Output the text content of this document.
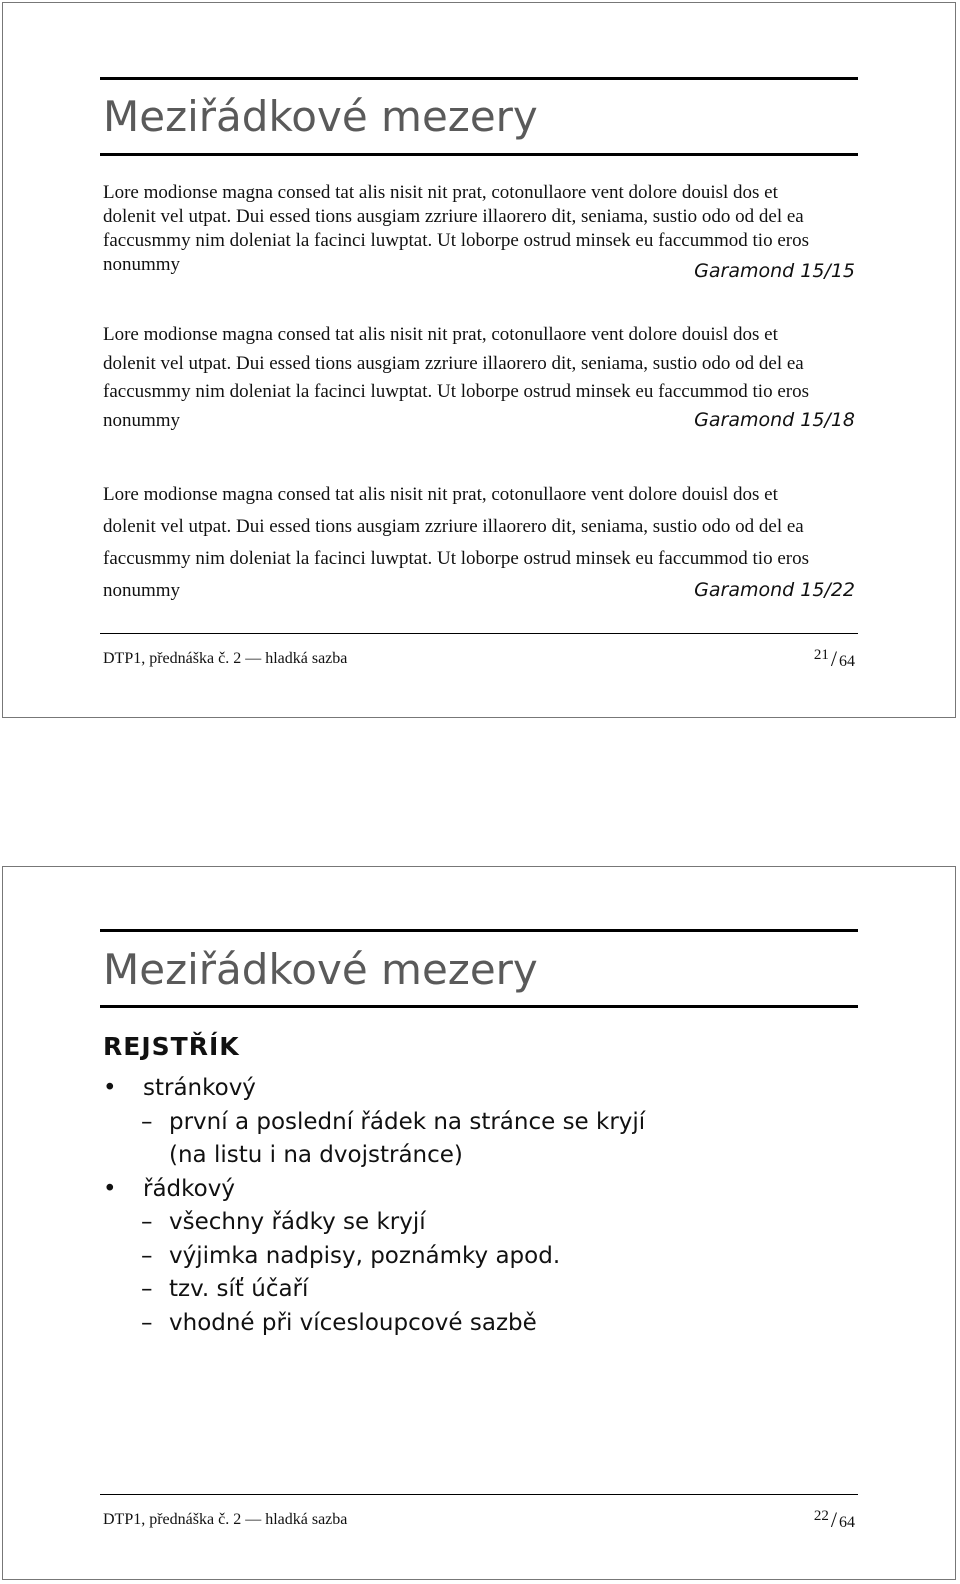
Meziřádkové mezery

Lore modionse magna consed tat alis nisit nit prat, cotonullaore vent dolore douisl dos et

dolenit vel utpat. Dui essed tions ausgiam zzriure illaorero dit, seniama, sustio odo od del ea

faccusmmy nim doleniat la facinci luwptat. Ut loborpe ostrud minsek eu faccummod tio eros

nonummy	Garamond 15/15

Lore modionse magna consed tat alis nisit nit prat, cotonullaore vent dolore douisl dos et

dolenit vel utpat. Dui essed tions ausgiam zzriure illaorero dit, seniama, sustio odo od del ea

faccusmmy nim doleniat la facinci luwptat. Ut loborpe ostrud minsek eu faccummod tio eros

nonummy	Garamond 15/18

Lore modionse magna consed tat alis nisit nit prat, cotonullaore vent dolore douisl dos et

dolenit vel utpat. Dui essed tions ausgiam zzriure illaorero dit, seniama, sustio odo od del ea

faccusmmy nim doleniat la facinci luwptat. Ut loborpe ostrud minsek eu faccummod tio eros

nonummy	Garamond 15/22
DTP1, přednáška č. 2 — hladká sazba	21/ 64
Meziřádkové mezery
REJSTŘÍK
• stránkový
– první a poslední řádek na stránce se kryjí
(na listu i na dvojstránce)
• řádkový
– všechny řádky se kryjí
– výjimka nadpisy, poznámky apod.
– tzv. síť účaří
– vhodné při vícesloupcové sazbě
DTP1, přednáška č. 2 — hladká sazba	22/ 64
